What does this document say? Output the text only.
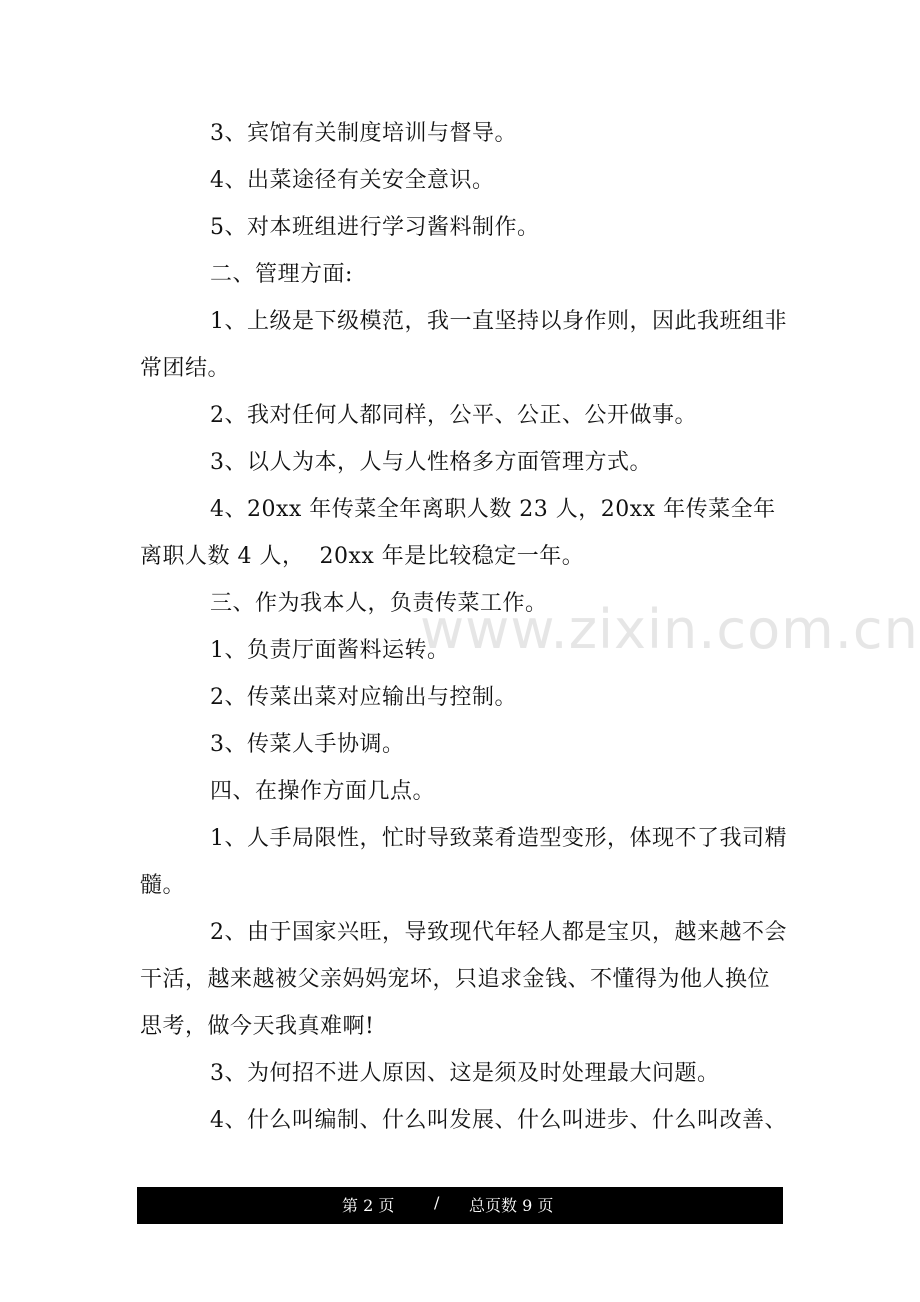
3、宾馆有关制度培训与督导。

4、出菜途径有关安全意识。

5、对本班组进行学习酱料制作。

二、管理方面:

1、上级是下级模范，我一直坚持以身作则，因此我班组非常团结。

2、我对任何人都同样，公平、公正、公开做事。

3、以人为本，人与人性格多方面管理方式。

4、20xx 年传菜全年离职人数 23 人，20xx 年传菜全年离职人数 4 人，  20xx 年是比较稳定一年。

三、作为我本人，负责传菜工作。

1、负责厅面酱料运转。

2、传菜出菜对应输出与控制。

3、传菜人手协调。

四、在操作方面几点。

1、人手局限性，忙时导致菜肴造型变形，体现不了我司精髓。

2、由于国家兴旺，导致现代年轻人都是宝贝，越来越不会干活，越来越被父亲妈妈宠坏，只追求金钱、不懂得为他人换位思考，做今天我真难啊!

3、为何招不进人原因、这是须及时处理最大问题。

4、什么叫编制、什么叫发展、什么叫进步、什么叫改善、

www.zixin.com.cn
第 2 页 / 总页数 9 页
